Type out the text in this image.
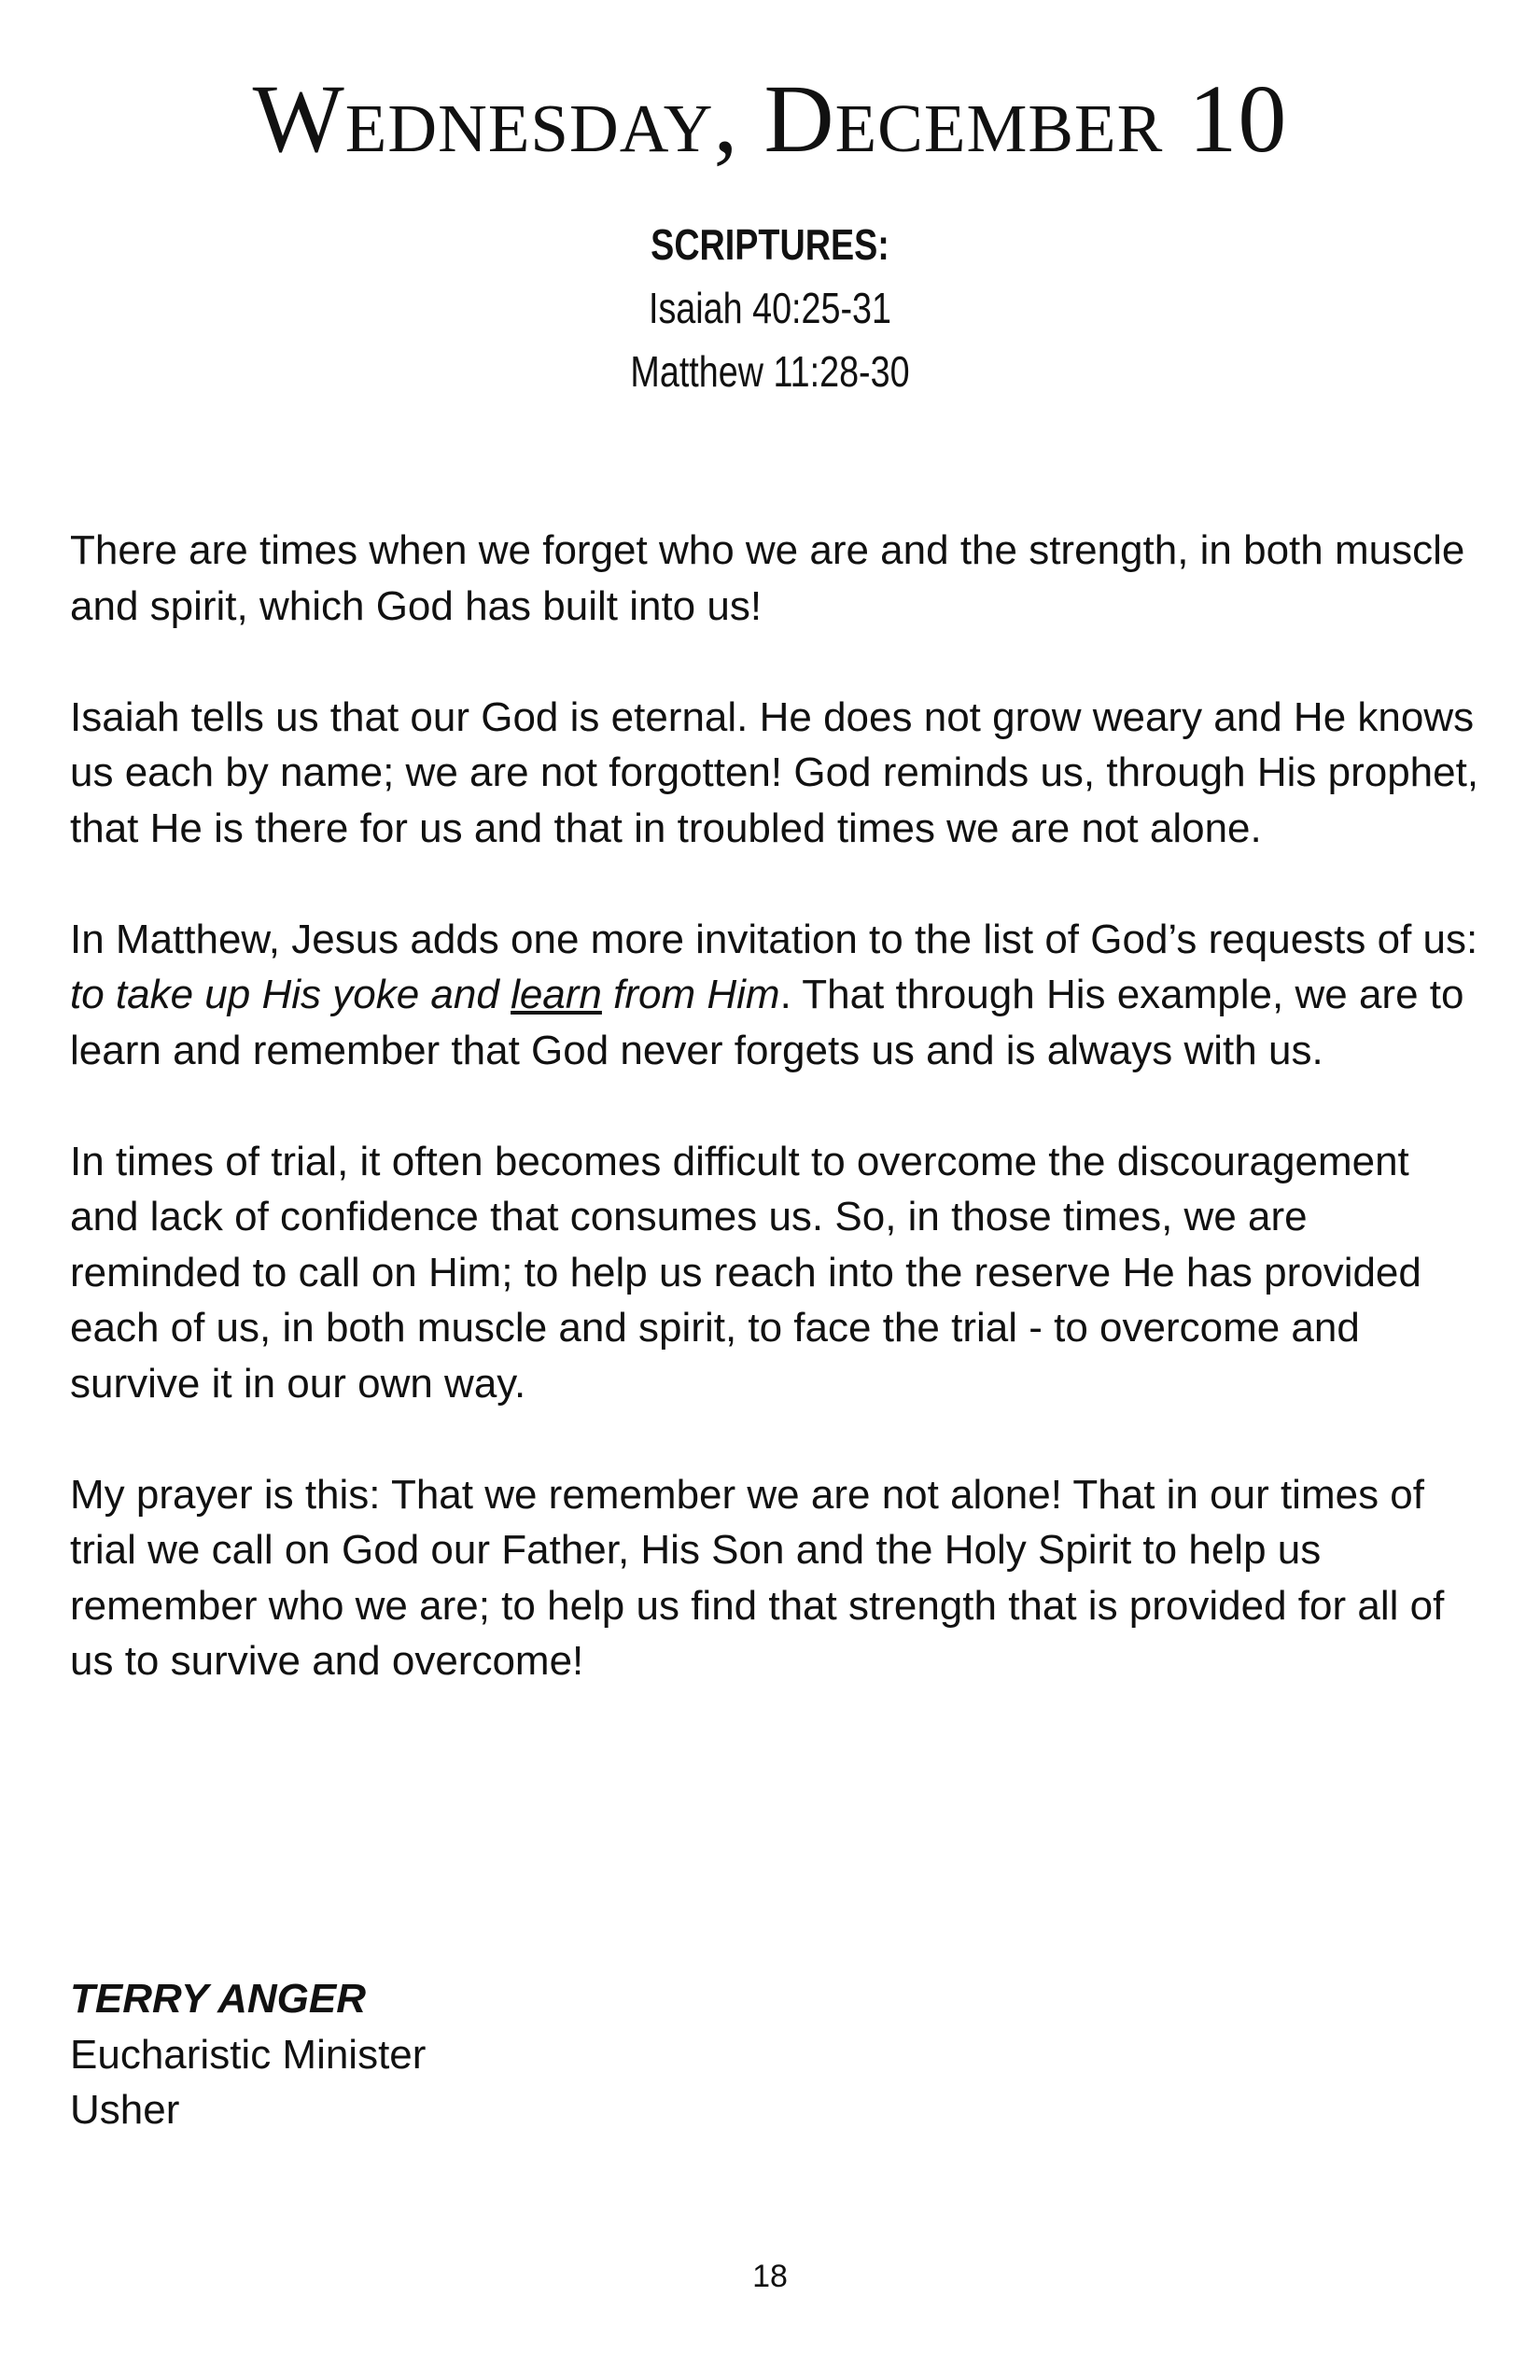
Wednesday, December 10
SCRIPTURES:
Isaiah 40:25-31
Matthew 11:28-30

There are times when we forget who we are and the strength, in both muscle and spirit, which God has built into us!

Isaiah tells us that our God is eternal. He does not grow weary and He knows us each by name; we are not forgotten! God reminds us, through His prophet, that He is there for us and that in troubled times we are not alone.

In Matthew, Jesus adds one more invitation to the list of God’s requests of us: to take up His yoke and learn from Him. That through His example, we are to learn and remember that God never forgets us and is always with us.

In times of trial, it often becomes difficult to overcome the discouragement and lack of confidence that consumes us. So, in those times, we are reminded to call on Him; to help us reach into the reserve He has provided each of us, in both muscle and spirit, to face the trial - to overcome and survive it in our own way.

My prayer is this: That we remember we are not alone! That in our times of trial we call on God our Father, His Son and the Holy Spirit to help us remember who we are; to help us find that strength that is provided for all of us to survive and overcome!

TERRY ANGER
Eucharistic Minister
Usher
18
